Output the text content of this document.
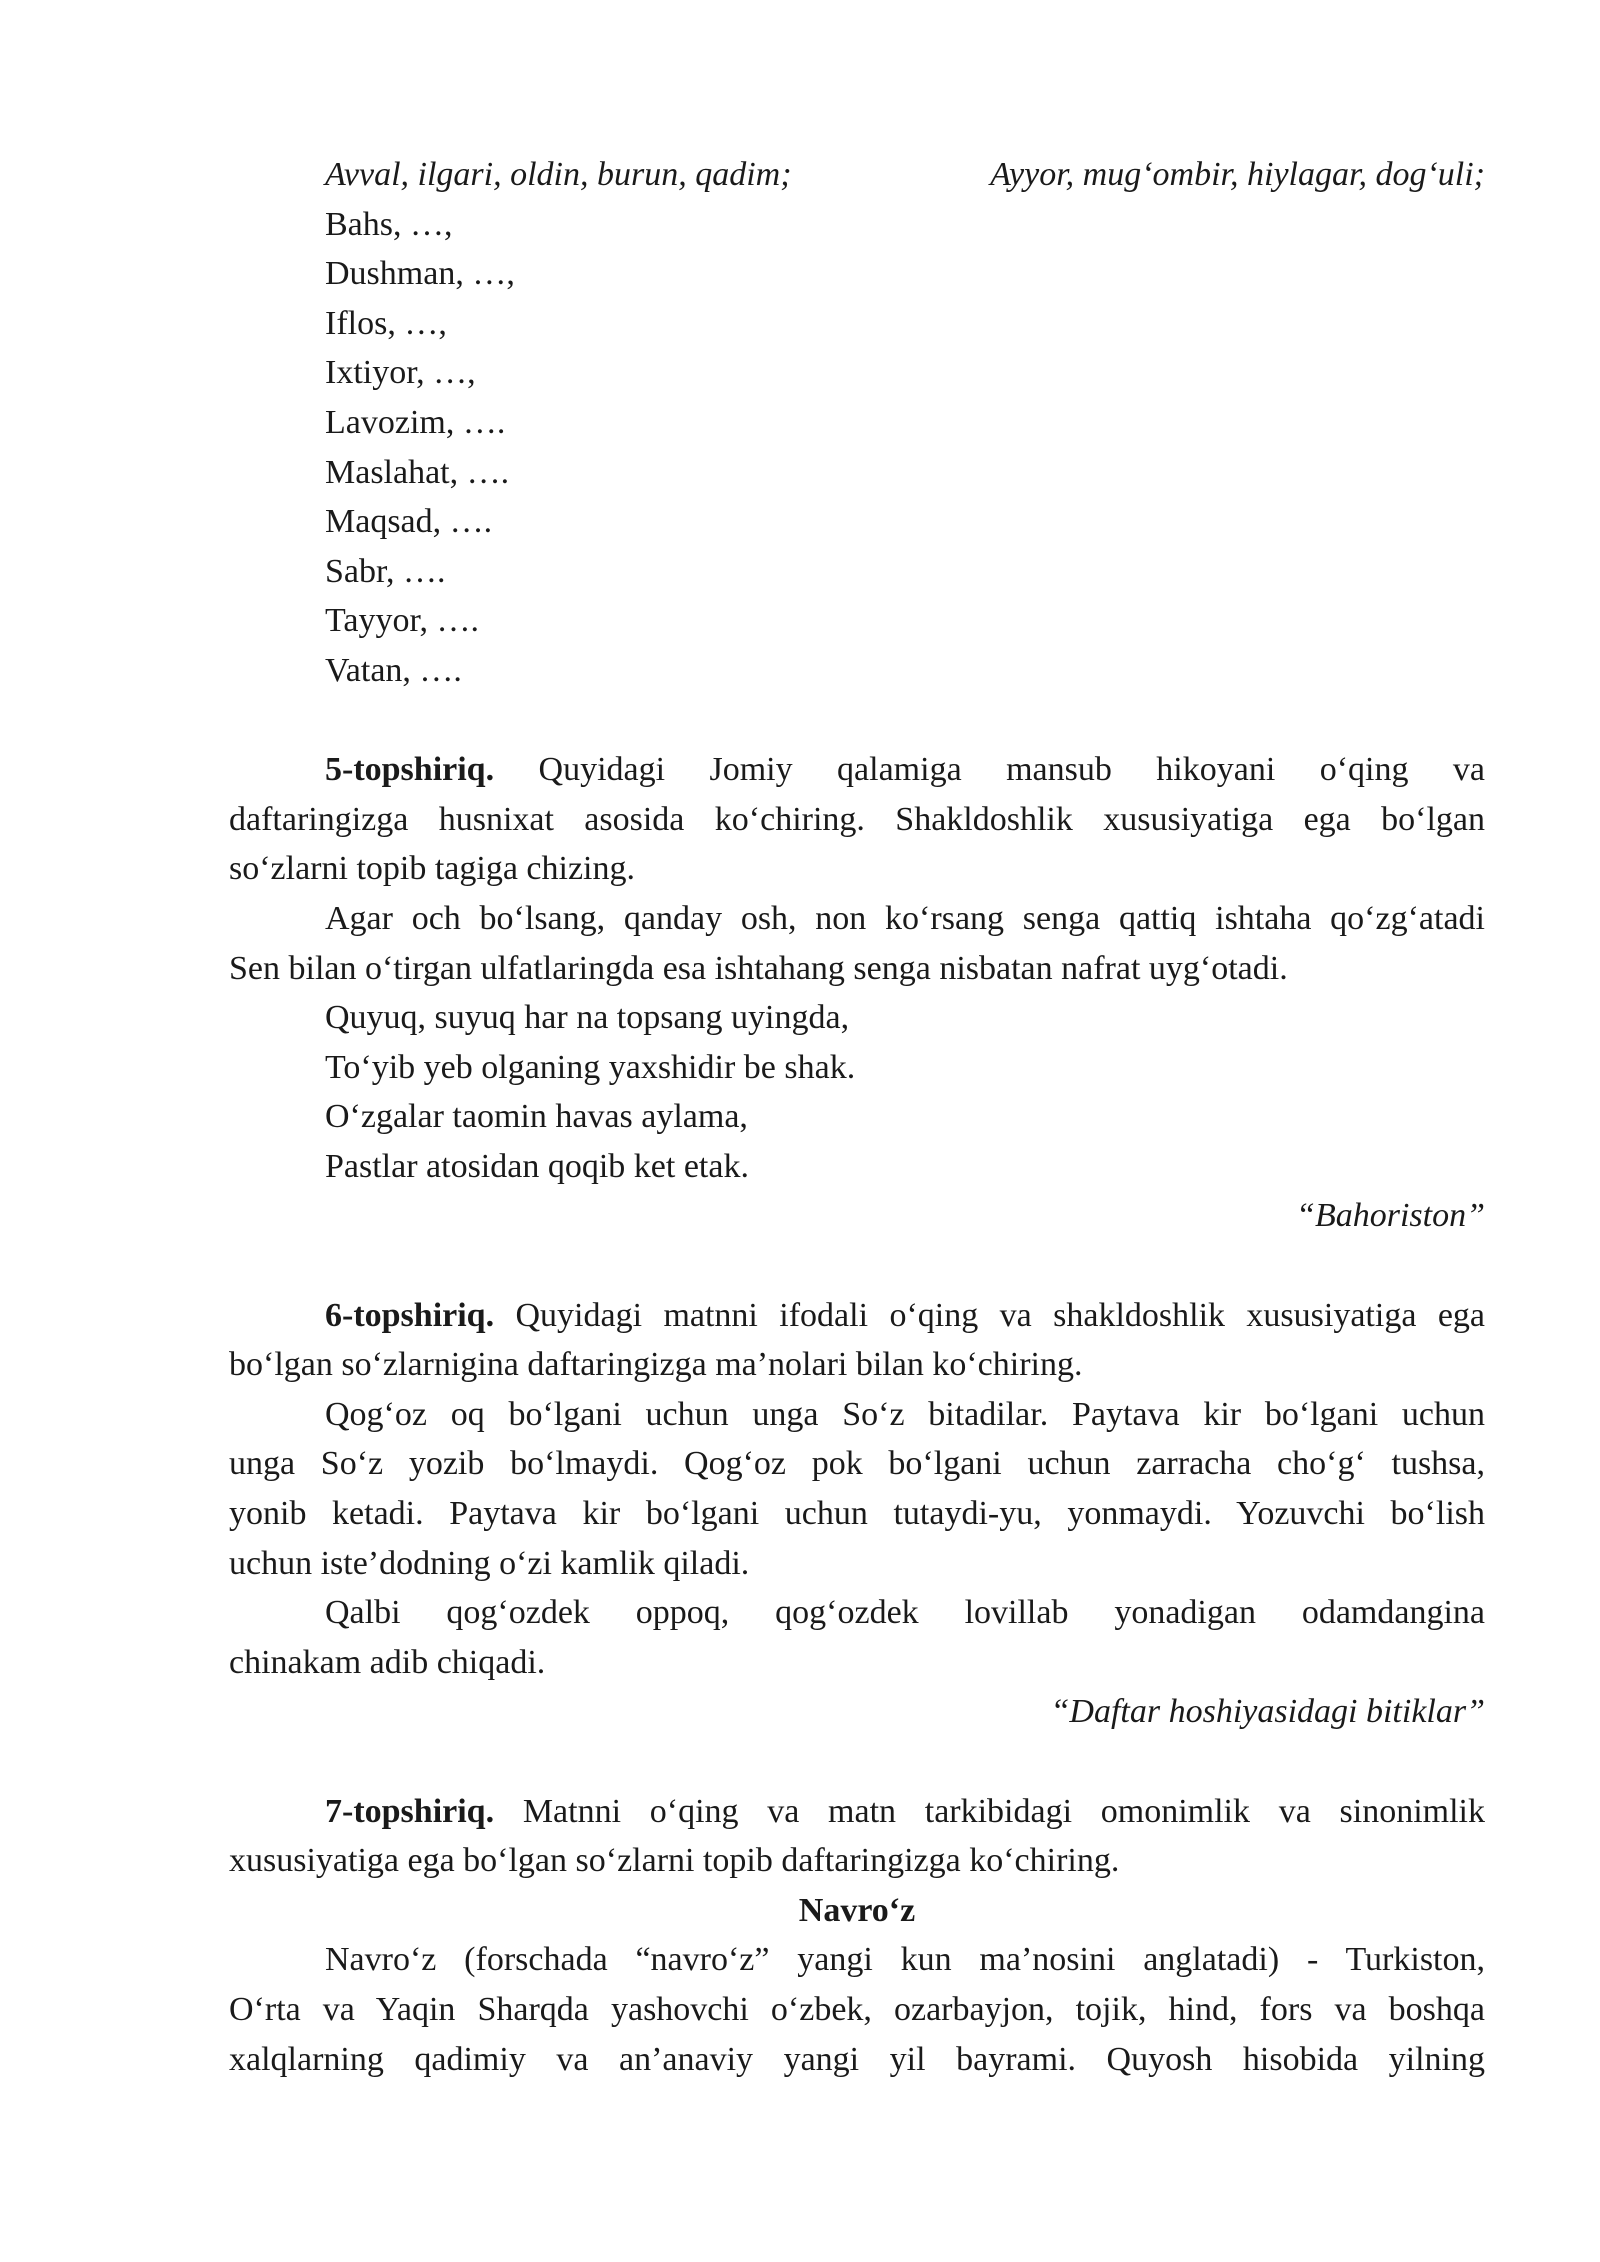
Avval, ilgari, oldin, burun, qadim;	Ayyor, mug‘ombir, hiylagar, dog‘uli;
Bahs, …,
Dushman, …,
Iflos, …,
Ixtiyor, …,
Lavozim, ….
Maslahat, ….
Maqsad, ….
Sabr, ….
Tayyor, ….
Vatan, ….
5-topshiriq. Quyidagi Jomiy qalamiga mansub hikoyani o‘qing va
daftaringizga husnixat asosida ko‘chiring. Shakldoshlik xususiyatiga ega bo‘lgan
so‘zlarni topib tagiga chizing.
Agar och bo‘lsang, qanday osh, non ko‘rsang senga qattiq ishtaha qo‘zg‘atadi
Sen bilan o‘tirgan ulfatlaringda esa ishtahang senga nisbatan nafrat uyg‘otadi.
Quyuq, suyuq har na topsang uyingda,
To‘yib yeb olganing yaxshidir be shak.
O‘zgalar taomin havas aylama,
Pastlar atosidan qoqib ket etak.
“Bahoriston”
6-topshiriq. Quyidagi matnni ifodali o‘qing va shakldoshlik xususiyatiga ega
bo‘lgan so‘zlarnigina daftaringizga ma’nolari bilan ko‘chiring.
Qog‘oz oq bo‘lgani uchun unga So‘z bitadilar. Paytava kir bo‘lgani uchun
unga So‘z yozib bo‘lmaydi. Qog‘oz pok bo‘lgani uchun zarracha cho‘g‘ tushsa,
yonib ketadi. Paytava kir bo‘lgani uchun tutaydi-yu, yonmaydi. Yozuvchi bo‘lish
uchun iste’dodning o‘zi kamlik qiladi.
Qalbi qog‘ozdek oppoq, qog‘ozdek lovillab yonadigan odamdangina
chinakam adib chiqadi.
“Daftar hoshiyasidagi bitiklar”
7-topshiriq. Matnni o‘qing va matn tarkibidagi omonimlik va sinonimlik
xususiyatiga ega bo‘lgan so‘zlarni topib daftaringizga ko‘chiring.
Navro‘z
Navro‘z (forschada “navro‘z” yangi kun ma’nosini anglatadi) - Turkiston,
O‘rta va Yaqin Sharqda yashovchi o‘zbek, ozarbayjon, tojik, hind, fors va boshqa
xalqlarning qadimiy va an’anaviy yangi yil bayrami. Quyosh hisobida yilning
